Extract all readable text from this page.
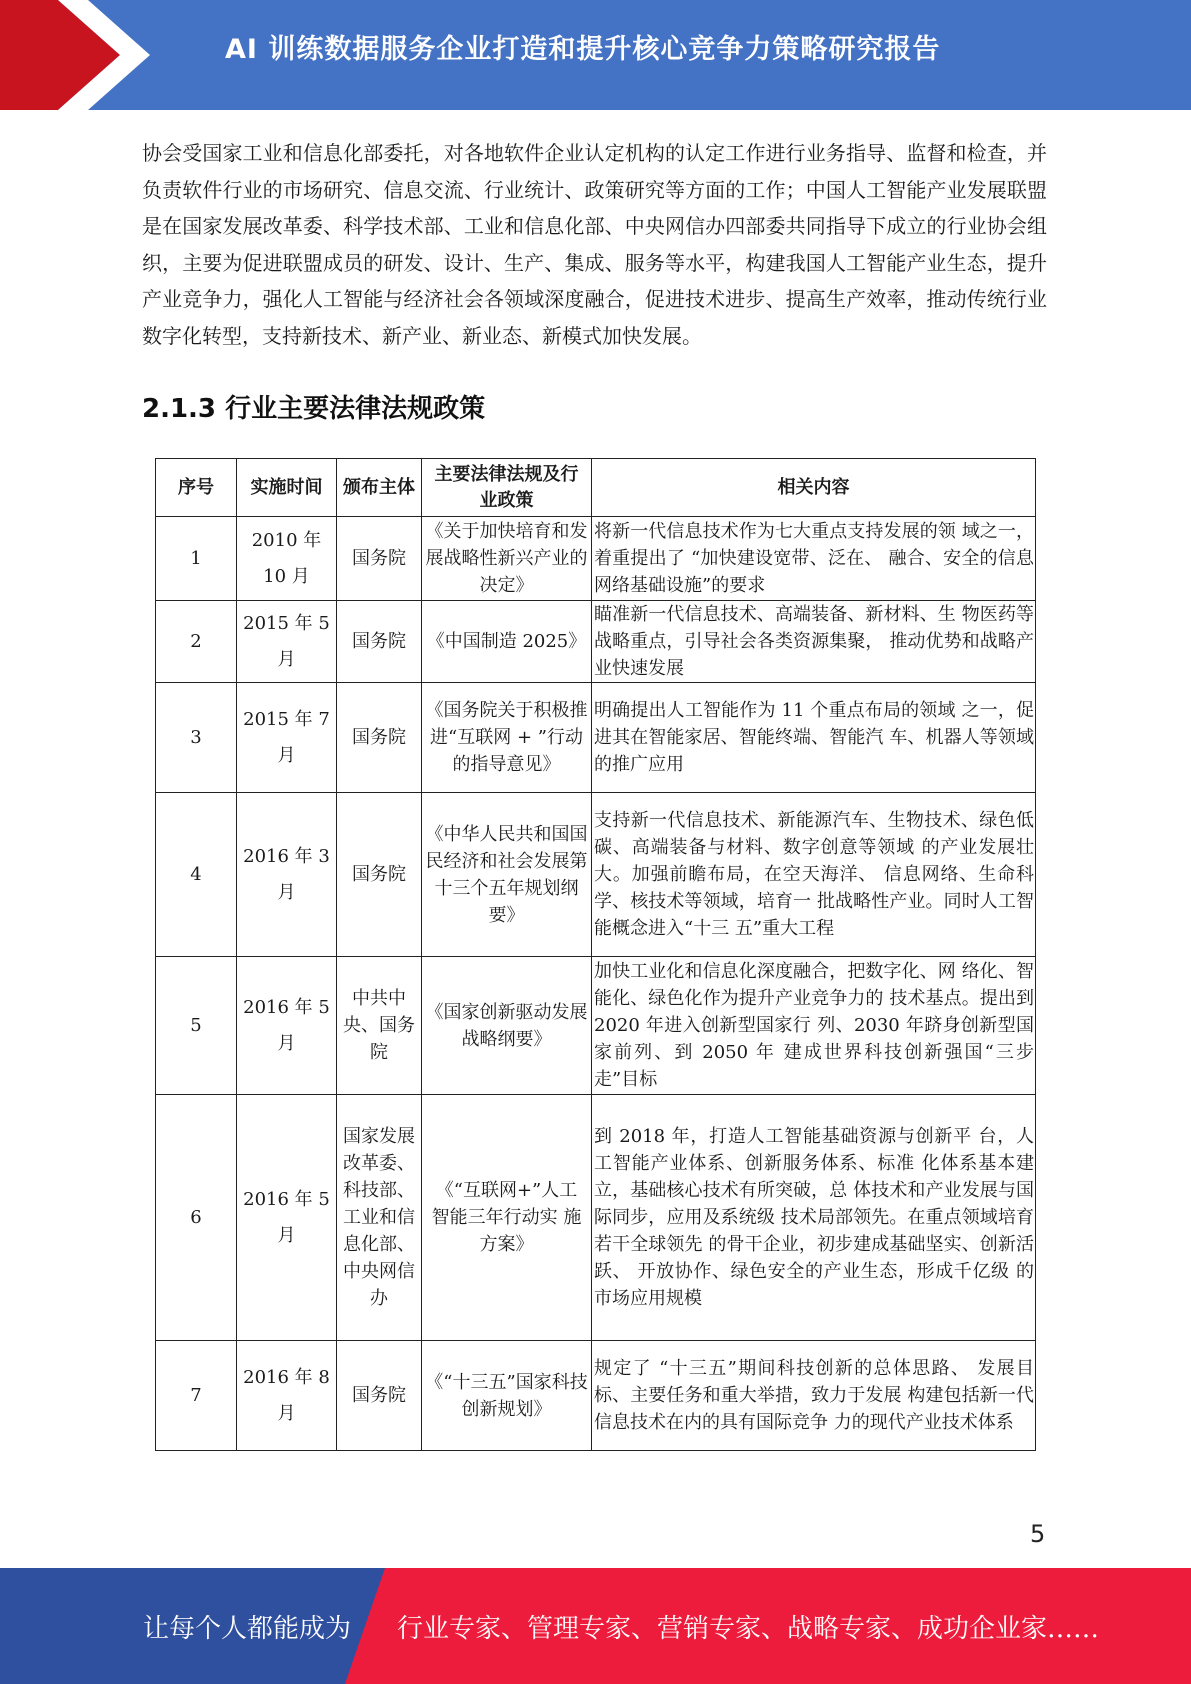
AI 训练数据服务企业打造和提升核心竞争力策略研究报告

协会受国家工业和信息化部委托，对各地软件企业认定机构的认定工作进行业务指导、监督和检查，并负责软件行业的市场研究、信息交流、行业统计、政策研究等方面的工作；中国人工智能产业发展联盟是在国家发展改革委、科学技术部、工业和信息化部、中央网信办四部委共同指导下成立的行业协会组织，主要为促进联盟成员的研发、设计、生产、集成、服务等水平，构建我国人工智能产业生态，提升产业竞争力，强化人工智能与经济社会各领域深度融合，促进技术进步、提高生产效率，推动传统行业数字化转型，支持新技术、新产业、新业态、新模式加快发展。

2.1.3 行业主要法律法规政策
序号	实施时间	颁布主体	主要法律法规及行业政策	相关内容
1	2010 年 10 月	国务院	《关于加快培育和发展战略性新兴产业的决定》	将新一代信息技术作为七大重点支持发展的领 域之一，着重提出了 “加快建设宽带、泛在、 融合、安全的信息网络基础设施”的要求
2	2015 年 5 月	国务院	《中国制造 2025》	瞄准新一代信息技术、高端装备、新材料、生 物医药等战略重点，引导社会各类资源集聚， 推动优势和战略产业快速发展
3	2015 年 7 月	国务院	《国务院关于积极推进“互联网 + ”行动的指导意见》	明确提出人工智能作为 11 个重点布局的领域 之一，促进其在智能家居、智能终端、智能汽 车、机器人等领域的推广应用
4	2016 年 3 月	国务院	《中华人民共和国国民经济和社会发展第十三个五年规划纲要》	支持新一代信息技术、新能源汽车、生物技术、绿色低碳、高端装备与材料、数字创意等领域 的产业发展壮大。加强前瞻布局，在空天海洋、 信息网络、生命科学、核技术等领域，培育一 批战略性产业。同时人工智能概念进入“十三 五”重大工程
5	2016 年 5 月	中共中央、国务院	《国家创新驱动发展战略纲要》	加快工业化和信息化深度融合，把数字化、网 络化、智能化、绿色化作为提升产业竞争力的 技术基点。提出到 2020 年进入创新型国家行 列、2030 年跻身创新型国家前列、到 2050 年 建成世界科技创新强国“三步走”目标
6	2016 年 5 月	国家发展改革委、科技部、工业和信息化部、中央网信办	《“互联网+”人工 智能三年行动实 施方案》	到 2018 年，打造人工智能基础资源与创新平 台，人工智能产业体系、创新服务体系、标准 化体系基本建立，基础核心技术有所突破，总 体技术和产业发展与国际同步，应用及系统级 技术局部领先。在重点领域培育若干全球领先 的骨干企业，初步建成基础坚实、创新活跃、 开放协作、绿色安全的产业生态，形成千亿级 的市场应用规模
7	2016 年 8 月	国务院	《“十三五”国家科技创新规划》	规定了 “十三五”期间科技创新的总体思路、 发展目标、主要任务和重大举措，致力于发展 构建包括新一代信息技术在内的具有国际竞争 力的现代产业技术体系
5
让每个人都能成为 行业专家、管理专家、营销专家、战略专家、成功企业家……
